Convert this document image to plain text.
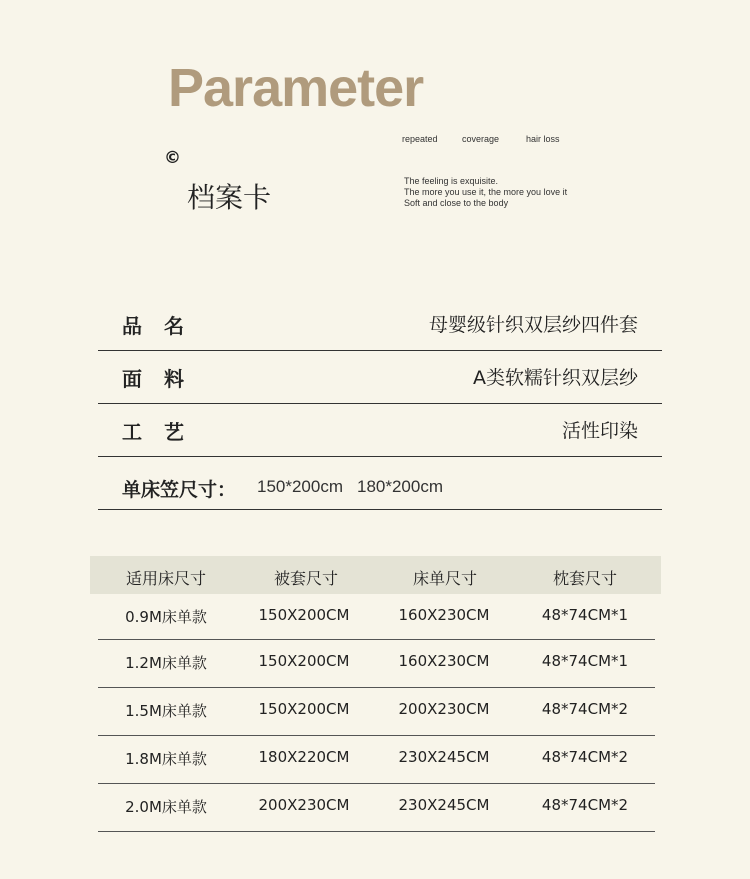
Parameter
©
档案卡
repeated	coverage	hair loss
The feeling is exquisite.
The more you use it, the more you love it
Soft and close to the body
品　名	母婴级针织双层纱四件套
面　料	A类软糯针织双层纱
工　艺	活性印染
单床笠尺寸： 150*200cm 180*200cm
适用床尺寸	被套尺寸	床单尺寸	枕套尺寸
0.9M床单款	150X200CM	160X230CM	48*74CM*1
1.2M床单款	150X200CM	160X230CM	48*74CM*1
1.5M床单款	150X200CM	200X230CM	48*74CM*2
1.8M床单款	180X220CM	230X245CM	48*74CM*2
2.0M床单款	200X230CM	230X245CM	48*74CM*2
